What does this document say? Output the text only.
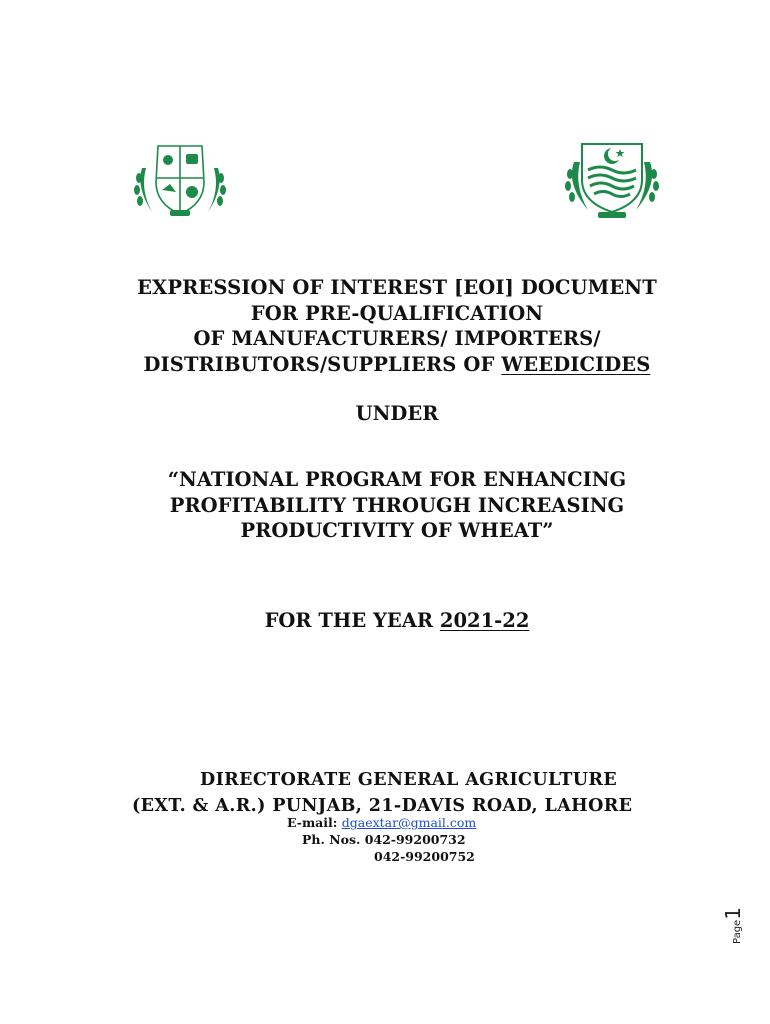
EXPRESSION OF INTEREST [EOI] DOCUMENT
FOR PRE-QUALIFICATION
OF MANUFACTURERS/ IMPORTERS/
DISTRIBUTORS/SUPPLIERS OF WEEDICIDES
UNDER
“NATIONAL PROGRAM FOR ENHANCING
PROFITABILITY THROUGH INCREASING
PRODUCTIVITY OF WHEAT”
FOR THE YEAR 2021-22
DIRECTORATE GENERAL AGRICULTURE
(EXT. & A.R.) PUNJAB, 21-DAVIS ROAD, LAHORE
E-mail: dgaextar@gmail.com
Ph. Nos. 042-99200732
042-99200752
Page1
